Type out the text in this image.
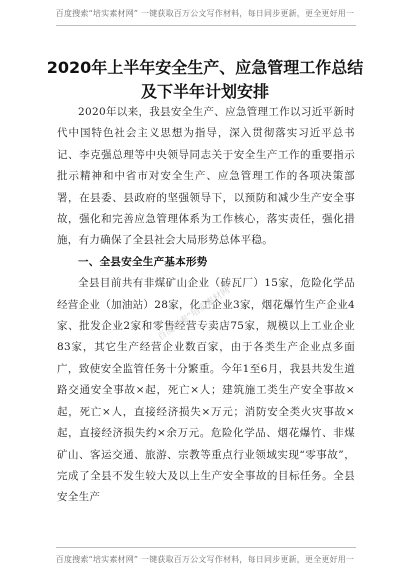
百度搜索“培实素材网” 一键获取百万公文写作材料，每日同步更新，更全更好用一
2020年上半年安全生产、应急管理工作总结及下半年计划安排

2020年以来，我县安全生产、应急管理工作以习近平新时代中国特色社会主义思想为指导，深入贯彻落实习近平总书记、李克强总理等中央领导同志关于安全生产工作的重要指示批示精神和中省市对安全生产、应急管理工作的各项决策部署，在县委、县政府的坚强领导下，以预防和减少生产安全事故，强化和完善应急管理体系为工作核心，落实责任，强化措施，有力确保了全县社会大局形势总体平稳。

一、全县安全生产基本形势

全县目前共有非煤矿山企业（砖瓦厂）15家，危险化学品经营企业（加油站）28家，化工企业3家，烟花爆竹生产企业4家、批发企业2家和零售经营专卖店75家，规模以上工业企业83家，其它生产经营企业数百家，由于各类生产企业点多面广，致使安全监管任务十分繁重。今年1至6月，我县共发生道路交通安全事故×起，死亡×人；建筑施工类生产安全事故×起，死亡×人，直接经济损失×万元；消防安全类火灾事故×起，直接经济损失约×余万元。危险化学品、烟花爆竹、非煤矿山、客运交通、旅游、宗教等重点行业领域实现“零事故”，完成了全县不发生较大及以上生产安全事故的目标任务。全县安全生产

百度搜索“培实素材网”
百度搜索“培实素材网” 一键获取百万公文写作材料，每日同步更新，更全更好用一
